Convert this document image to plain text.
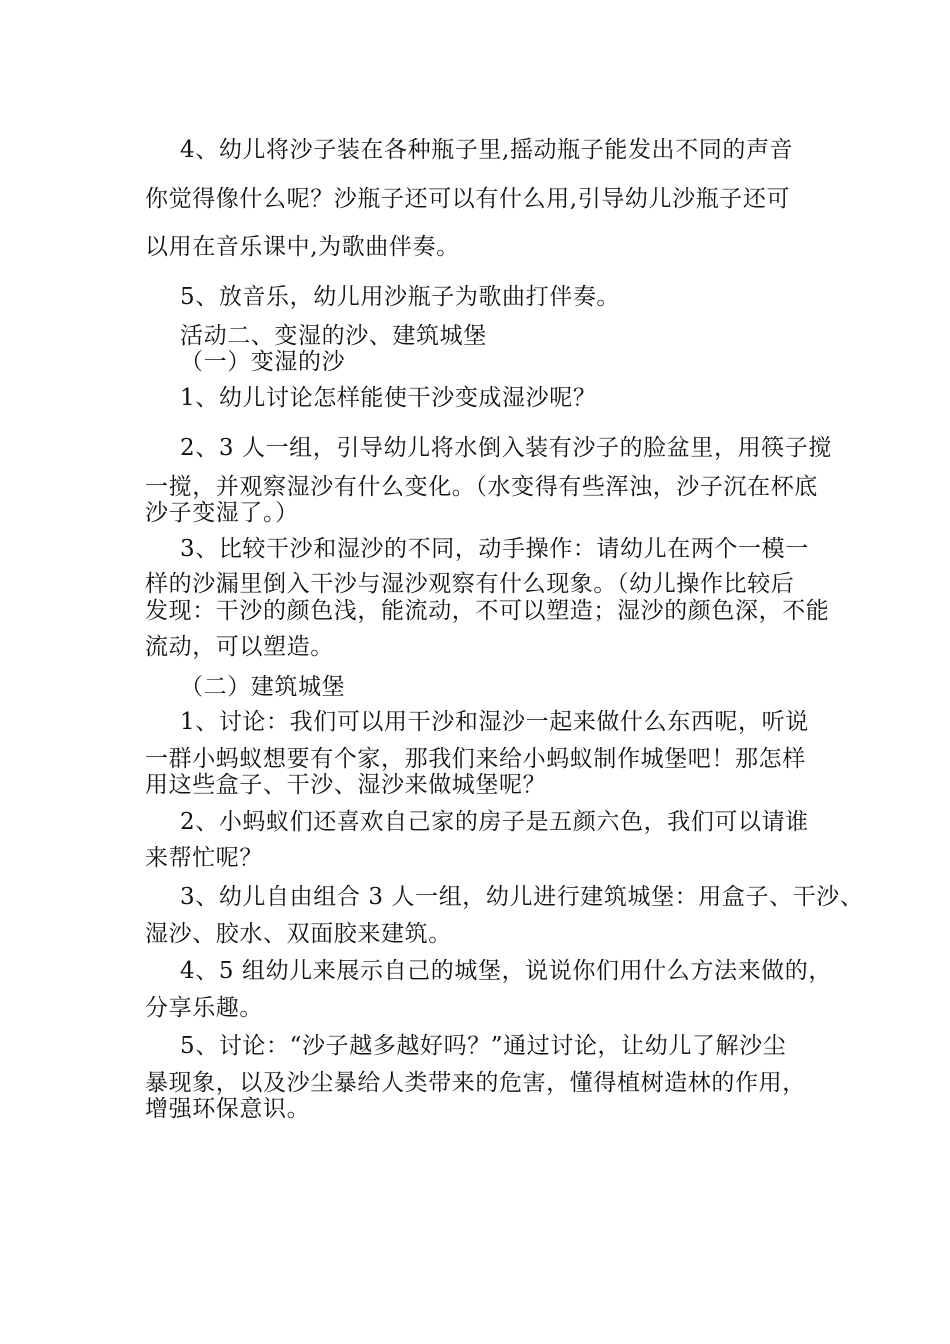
4、幼儿将沙子装在各种瓶子里,摇动瓶子能发出不同的声音
你觉得像什么呢？沙瓶子还可以有什么用,引导幼儿沙瓶子还可
以用在音乐课中,为歌曲伴奏。
5、放音乐，幼儿用沙瓶子为歌曲打伴奏。
活动二、变湿的沙、建筑城堡
（一）变湿的沙
1、幼儿讨论怎样能使干沙变成湿沙呢？
2、3 人一组，引导幼儿将水倒入装有沙子的脸盆里，用筷子搅
一搅，并观察湿沙有什么变化。（水变得有些浑浊，沙子沉在杯底
沙子变湿了。）
3、比较干沙和湿沙的不同，动手操作：请幼儿在两个一模一
样的沙漏里倒入干沙与湿沙观察有什么现象。（幼儿操作比较后
发现：干沙的颜色浅，能流动，不可以塑造；湿沙的颜色深，不能
流动，可以塑造。
（二）建筑城堡
1、讨论：我们可以用干沙和湿沙一起来做什么东西呢，听说
一群小蚂蚁想要有个家，那我们来给小蚂蚁制作城堡吧！那怎样
用这些盒子、干沙、湿沙来做城堡呢？
2、小蚂蚁们还喜欢自己家的房子是五颜六色，我们可以请谁
来帮忙呢？
3、幼儿自由组合 3 人一组，幼儿进行建筑城堡：用盒子、干沙、
湿沙、胶水、双面胶来建筑。
4、5 组幼儿来展示自己的城堡，说说你们用什么方法来做的，
分享乐趣。
5、讨论：“沙子越多越好吗？”通过讨论，让幼儿了解沙尘
暴现象，以及沙尘暴给人类带来的危害，懂得植树造林的作用，
增强环保意识。
